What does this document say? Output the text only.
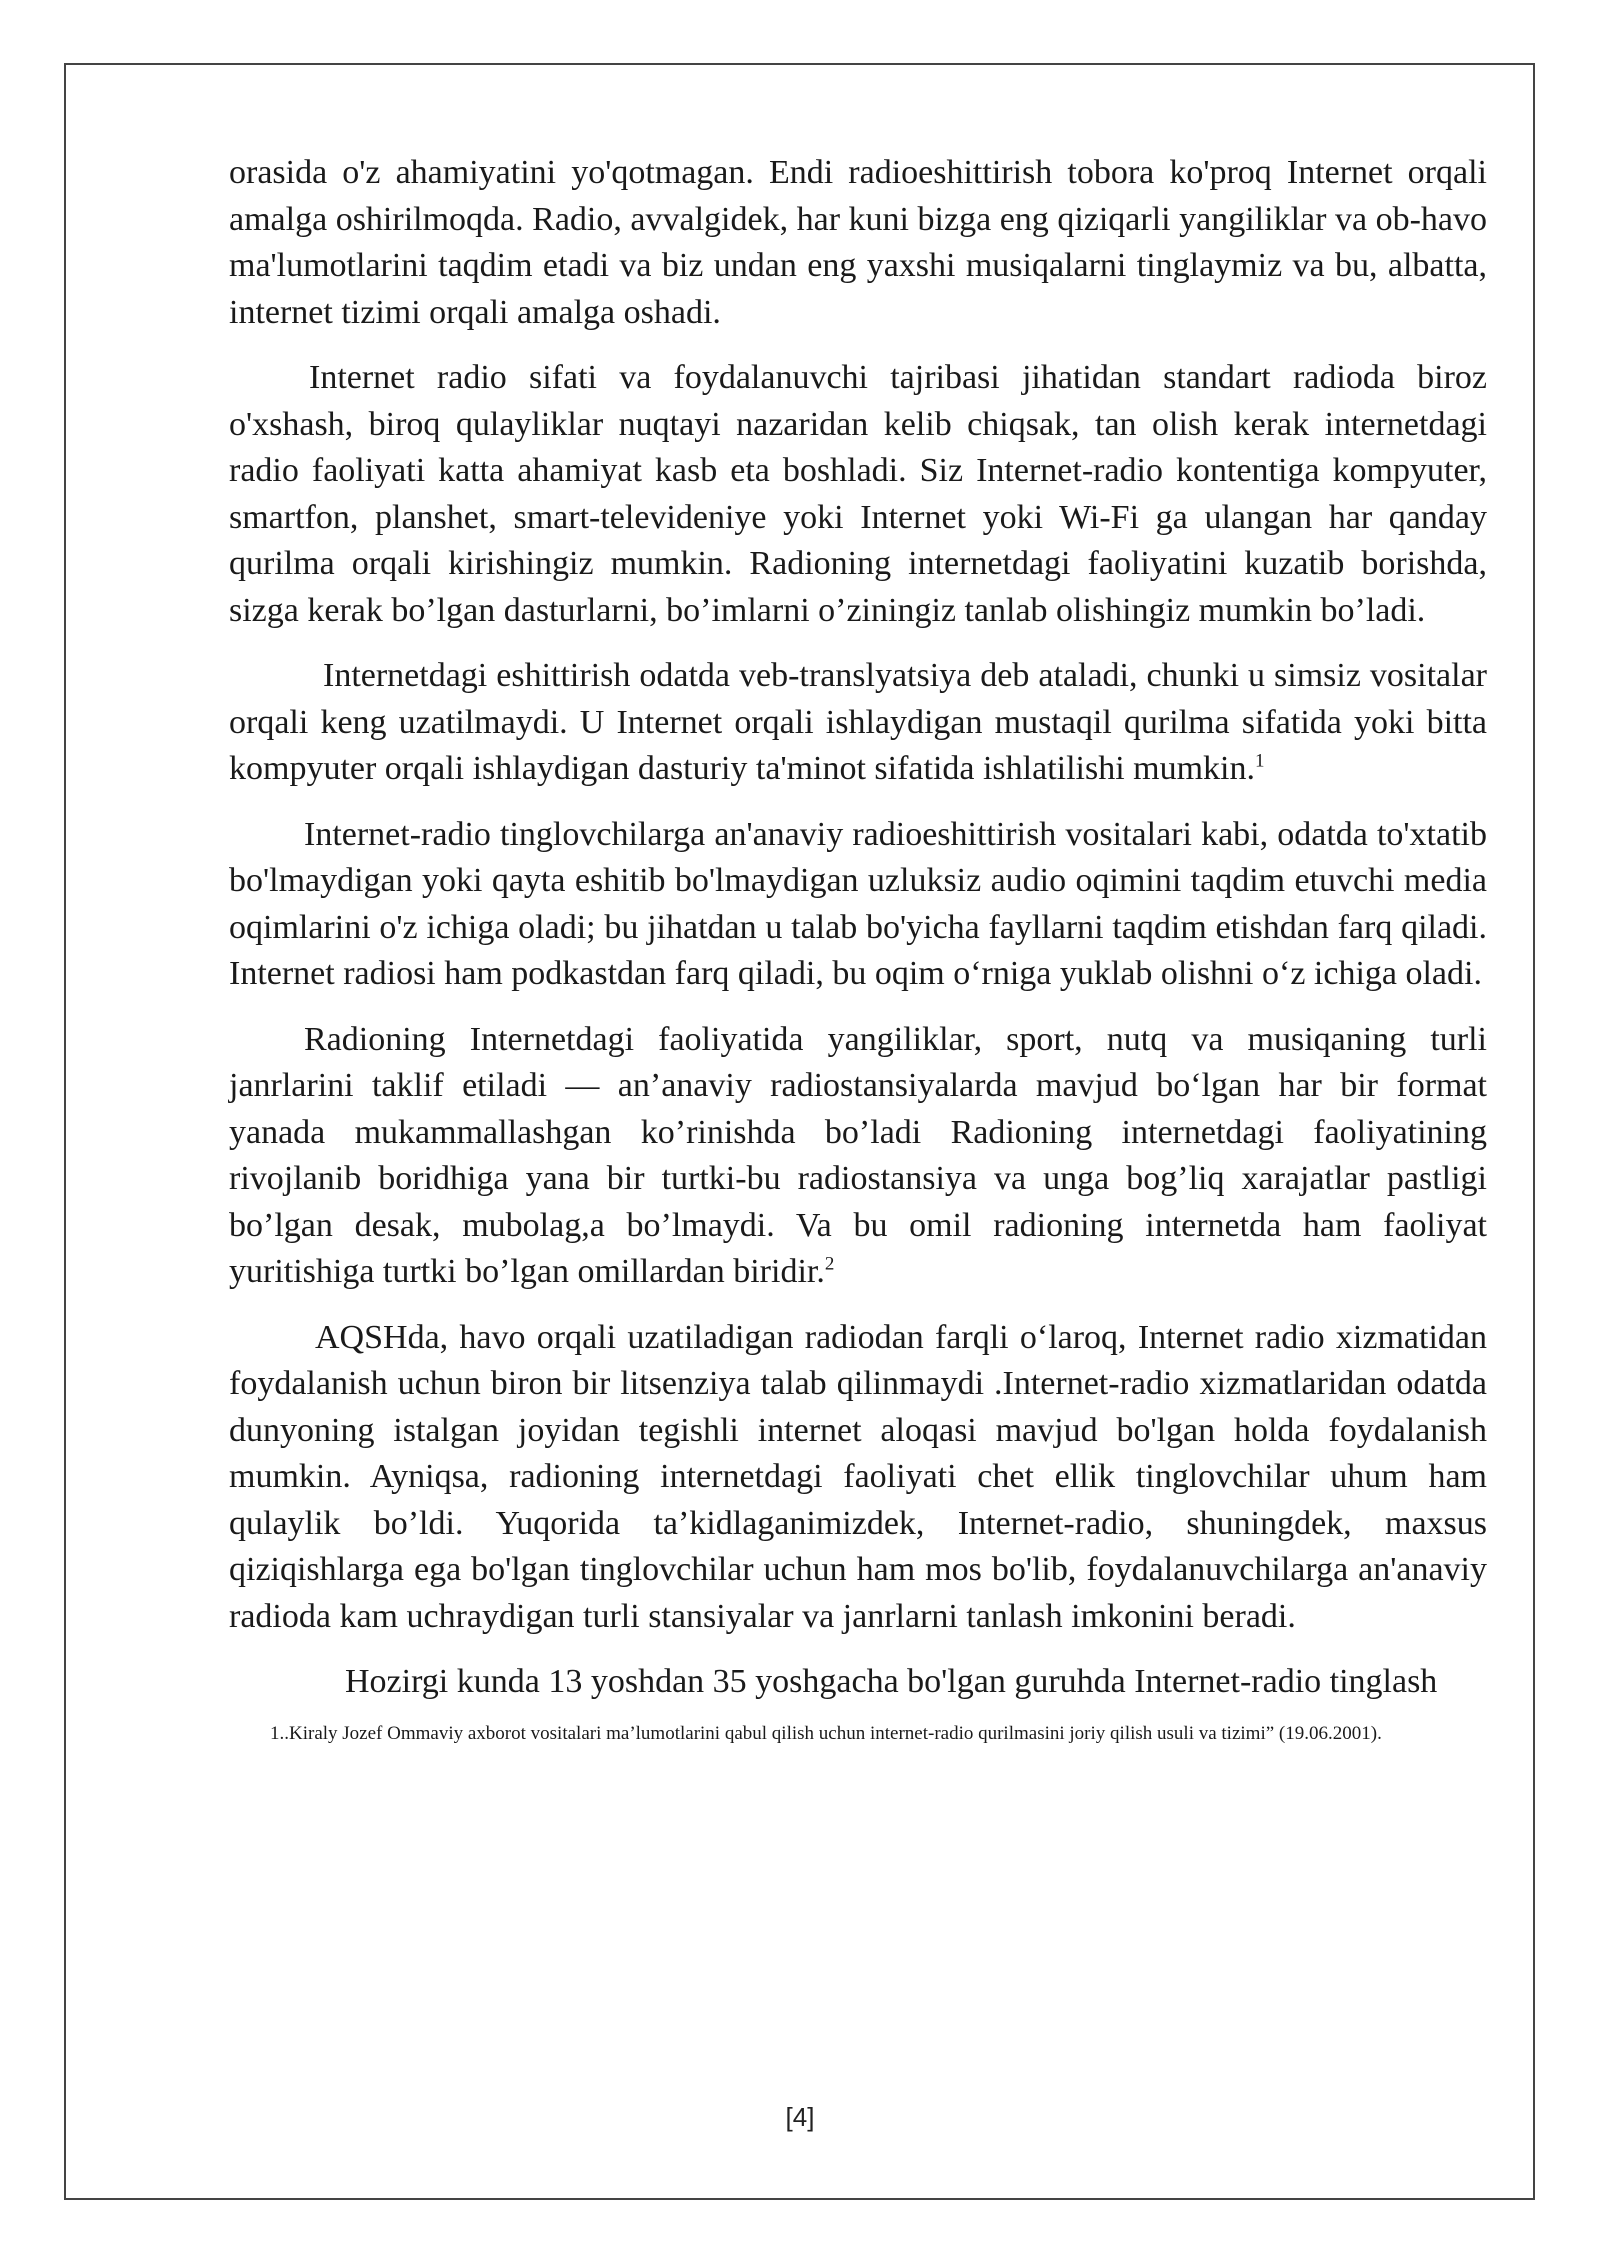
orasida o'z ahamiyatini yo'qotmagan. Endi radioeshittirish tobora ko'proq Internet orqali amalga oshirilmoqda. Radio, avvalgidek, har kuni bizga eng qiziqarli yangiliklar va ob-havo ma'lumotlarini taqdim etadi va biz undan eng yaxshi musiqalarni tinglaymiz va bu, albatta, internet tizimi orqali amalga oshadi.

Internet radio sifati va foydalanuvchi tajribasi jihatidan standart radioda biroz o'xshash, biroq qulayliklar nuqtayi nazaridan kelib chiqsak, tan olish kerak internetdagi radio faoliyati katta ahamiyat kasb eta boshladi. Siz Internet-radio kontentiga kompyuter, smartfon, planshet, smart-televideniye yoki Internet yoki Wi-Fi ga ulangan har qanday qurilma orqali kirishingiz mumkin. Radioning internetdagi faoliyatini kuzatib borishda, sizga kerak bo’lgan dasturlarni, bo’imlarni o’ziningiz tanlab olishingiz mumkin bo’ladi.

Internetdagi eshittirish odatda veb-translyatsiya deb ataladi, chunki u simsiz vositalar orqali keng uzatilmaydi. U Internet orqali ishlaydigan mustaqil qurilma sifatida yoki bitta kompyuter orqali ishlaydigan dasturiy ta'minot sifatida ishlatilishi mumkin.$^1$

Internet-radio tinglovchilarga an'anaviy radioeshittirish vositalari kabi, odatda to'xtatib bo'lmaydigan yoki qayta eshitib bo'lmaydigan uzluksiz audio oqimini taqdim etuvchi media oqimlarini o'z ichiga oladi; bu jihatdan u talab bo'yicha fayllarni taqdim etishdan farq qiladi. Internet radiosi ham podkastdan farq qiladi, bu oqim o‘rniga yuklab olishni o‘z ichiga oladi.

Radioning Internetdagi faoliyatida yangiliklar, sport, nutq va musiqaning turli janrlarini taklif etiladi — an’anaviy radiostansiyalarda mavjud bo‘lgan har bir format yanada mukammallashgan ko’rinishda bo’ladi Radioning internetdagi faoliyatining rivojlanib boridhiga yana bir turtki-bu radiostansiya va unga bog’liq xarajatlar pastligi bo’lgan desak, mubolag,a bo’lmaydi. Va bu omil radioning internetda ham faoliyat yuritishiga turtki bo’lgan omillardan biridir.$^2$

AQSHda, havo orqali uzatiladigan radiodan farqli o‘laroq, Internet radio xizmatidan foydalanish uchun biron bir litsenziya talab qilinmaydi .Internet-radio xizmatlaridan odatda dunyoning istalgan joyidan tegishli internet aloqasi mavjud bo'lgan holda foydalanish mumkin. Ayniqsa, radioning internetdagi faoliyati chet ellik tinglovchilar uhum ham qulaylik bo’ldi. Yuqorida ta’kidlaganimizdek, Internet-radio, shuningdek, maxsus qiziqishlarga ega bo'lgan tinglovchilar uchun ham mos bo'lib, foydalanuvchilarga an'anaviy radioda kam uchraydigan turli stansiyalar va janrlarni tanlash imkonini beradi.

Hozirgi kunda 13 yoshdan 35 yoshgacha bo'lgan guruhda Internet-radio tinglash

1..Kiraly Jozef Ommaviy axborot vositalari ma’lumotlarini qabul qilish uchun internet-radio qurilmasini joriy qilish usuli va tizimi” (19.06.2001).

[4]
